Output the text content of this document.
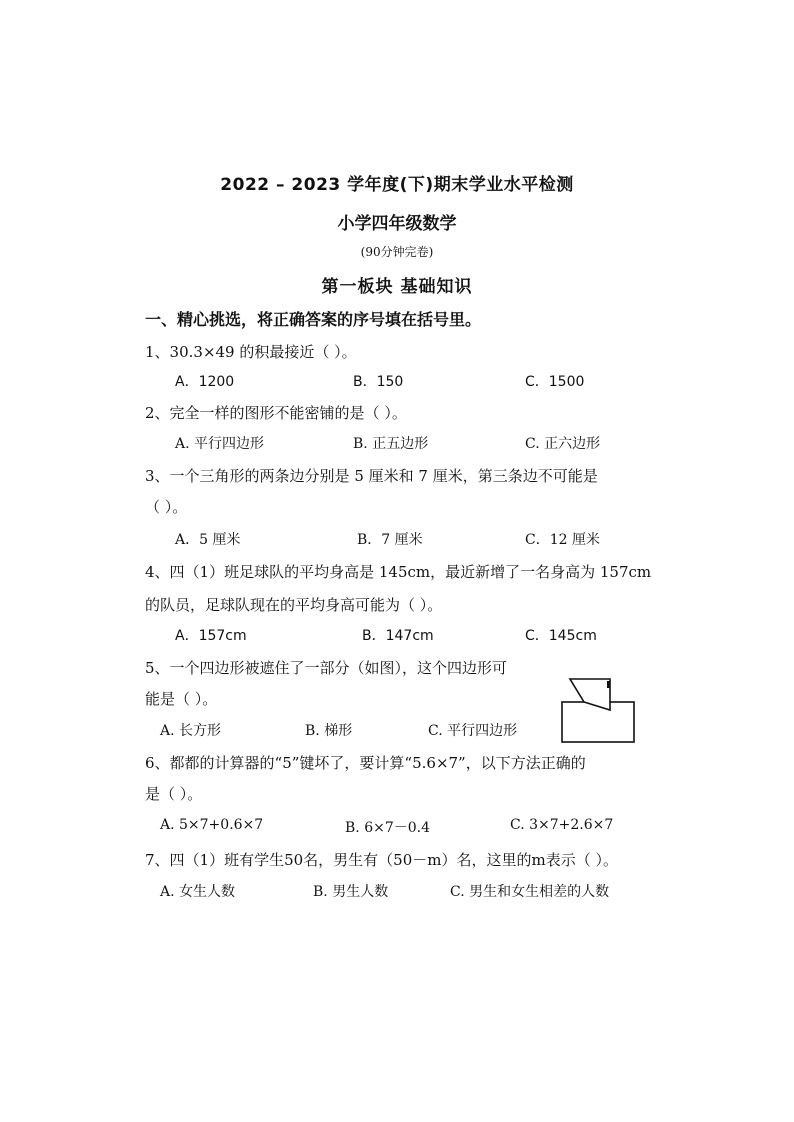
2022 – 2023 学年度(下)期末学业水平检测
小学四年级数学
(90分钟完卷)
第一板块 基础知识
一、精心挑选，将正确答案的序号填在括号里。
1、30.3×49 的积最接近（ ）。
A．1200	B．150	C．1500
2、完全一样的图形不能密铺的是（ ）。
A. 平行四边形	B. 正五边形	C. 正六边形
3、一个三角形的两条边分别是 5 厘米和 7 厘米，第三条边不可能是
（ ）。
A．5 厘米	B．7 厘米	C．12 厘米
4、四（1）班足球队的平均身高是 145cm，最近新增了一名身高为 157cm
的队员，足球队现在的平均身高可能为（ ）。
A．157cm	B．147cm	C．145cm
5、一个四边形被遮住了一部分（如图），这个四边形可
能是（ ）。
A. 长方形	B. 梯形	C. 平行四边形
6、都都的计算器的“5”键坏了，要计算“5.6×7”，以下方法正确的
是（ ）。
A. 5×7+0.6×7	B. 6×7－0.4	C. 3×7+2.6×7
7、四（1）班有学生50名，男生有（50－m）名，这里的m表示（ ）。
A. 女生人数	B. 男生人数	C. 男生和女生相差的人数
